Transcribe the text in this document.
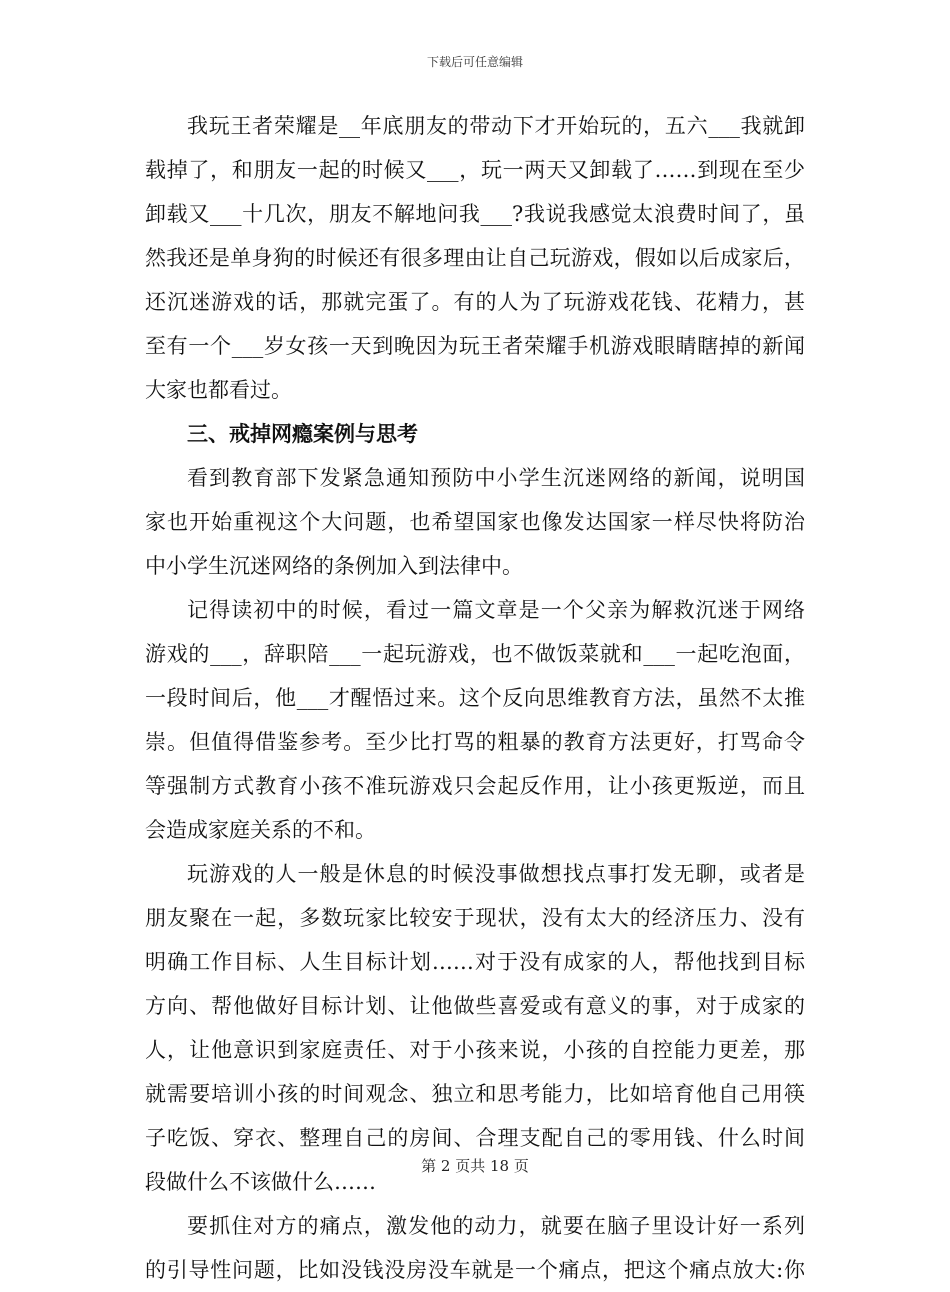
下载后可任意编辑
我玩王者荣耀是__年底朋友的带动下才开始玩的，五六___我就卸
载掉了，和朋友一起的时候又___，玩一两天又卸载了……到现在至少
卸载又___十几次，朋友不解地问我___?我说我感觉太浪费时间了，虽
然我还是单身狗的时候还有很多理由让自己玩游戏，假如以后成家后，
还沉迷游戏的话，那就完蛋了。有的人为了玩游戏花钱、花精力，甚
至有一个___岁女孩一天到晚因为玩王者荣耀手机游戏眼睛瞎掉的新闻
大家也都看过。
三、戒掉网瘾案例与思考
看到教育部下发紧急通知预防中小学生沉迷网络的新闻，说明国
家也开始重视这个大问题，也希望国家也像发达国家一样尽快将防治
中小学生沉迷网络的条例加入到法律中。
记得读初中的时候，看过一篇文章是一个父亲为解救沉迷于网络
游戏的___，辞职陪___一起玩游戏，也不做饭菜就和___一起吃泡面，
一段时间后，他___才醒悟过来。这个反向思维教育方法，虽然不太推
崇。但值得借鉴参考。至少比打骂的粗暴的教育方法更好，打骂命令
等强制方式教育小孩不准玩游戏只会起反作用，让小孩更叛逆，而且
会造成家庭关系的不和。
玩游戏的人一般是休息的时候没事做想找点事打发无聊，或者是
朋友聚在一起，多数玩家比较安于现状，没有太大的经济压力、没有
明确工作目标、人生目标计划……对于没有成家的人，帮他找到目标
方向、帮他做好目标计划、让他做些喜爱或有意义的事，对于成家的
人，让他意识到家庭责任、对于小孩来说，小孩的自控能力更差，那
就需要培训小孩的时间观念、独立和思考能力，比如培育他自己用筷
子吃饭、穿衣、整理自己的房间、合理支配自己的零用钱、什么时间
段做什么不该做什么……
要抓住对方的痛点，激发他的动力，就要在脑子里设计好一系列
的引导性问题，比如没钱没房没车就是一个痛点，把这个痛点放大:你
第 2 页共 18 页
